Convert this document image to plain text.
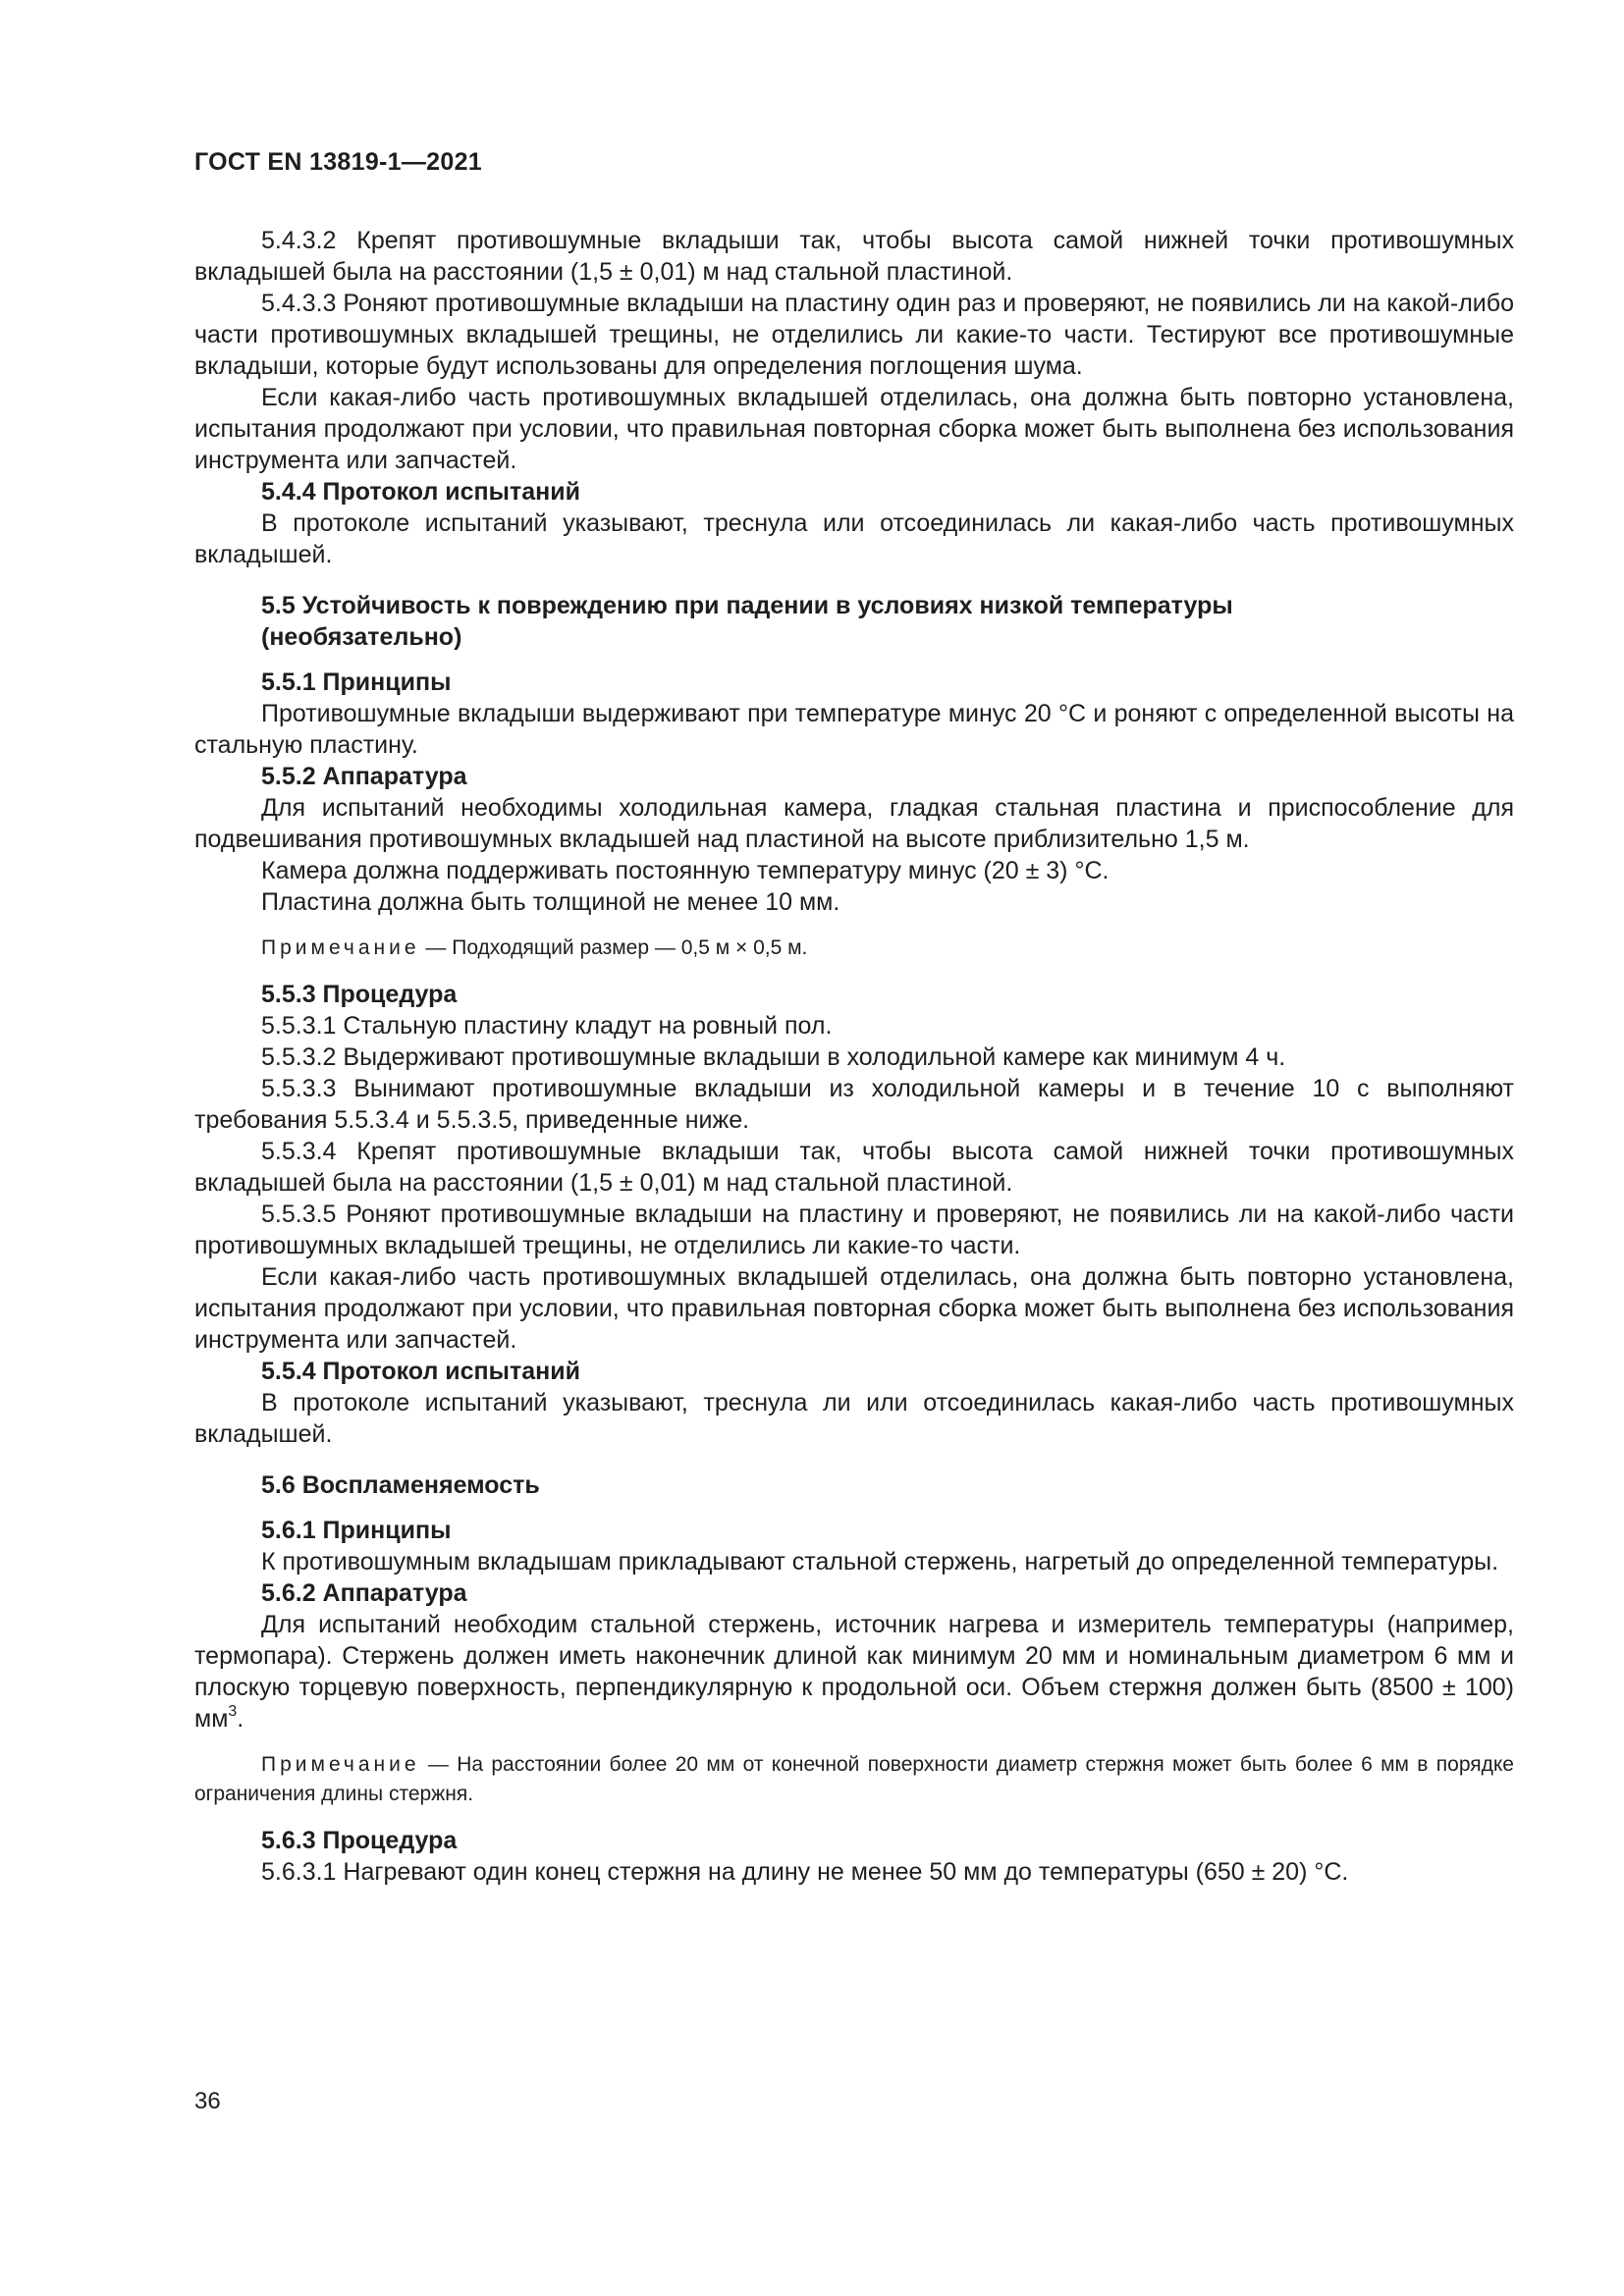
ГОСТ EN 13819-1—2021

5.4.3.2 Крепят противошумные вкладыши так, чтобы высота самой нижней точки противошумных вкладышей была на расстоянии (1,5 ± 0,01) м над стальной пластиной.

5.4.3.3 Роняют противошумные вкладыши на пластину один раз и проверяют, не появились ли на какой-либо части противошумных вкладышей трещины, не отделились ли какие-то части. Тестируют все противошумные вкладыши, которые будут использованы для определения поглощения шума.

Если какая-либо часть противошумных вкладышей отделилась, она должна быть повторно установлена, испытания продолжают при условии, что правильная повторная сборка может быть выполнена без использования инструмента или запчастей.

5.4.4 Протокол испытаний

В протоколе испытаний указывают, треснула или отсоединилась ли какая-либо часть противошумных вкладышей.

5.5 Устойчивость к повреждению при падении в условиях низкой температуры
(необязательно)

5.5.1 Принципы

Противошумные вкладыши выдерживают при температуре минус 20 °С и роняют с определенной высоты на стальную пластину.

5.5.2 Аппаратура

Для испытаний необходимы холодильная камера, гладкая стальная пластина и приспособление для подвешивания противошумных вкладышей над пластиной на высоте приблизительно 1,5 м.

Камера должна поддерживать постоянную температуру минус (20 ± 3) °С.

Пластина должна быть толщиной не менее 10 мм.

Примечание — Подходящий размер — 0,5 м × 0,5 м.

5.5.3 Процедура

5.5.3.1 Стальную пластину кладут на ровный пол.

5.5.3.2 Выдерживают противошумные вкладыши в холодильной камере как минимум 4 ч.

5.5.3.3 Вынимают противошумные вкладыши из холодильной камеры и в течение 10 с выполняют требования 5.5.3.4 и 5.5.3.5, приведенные ниже.

5.5.3.4 Крепят противошумные вкладыши так, чтобы высота самой нижней точки противошумных вкладышей была на расстоянии (1,5 ± 0,01) м над стальной пластиной.

5.5.3.5 Роняют противошумные вкладыши на пластину и проверяют, не появились ли на какой-либо части противошумных вкладышей трещины, не отделились ли какие-то части.

Если какая-либо часть противошумных вкладышей отделилась, она должна быть повторно установлена, испытания продолжают при условии, что правильная повторная сборка может быть выполнена без использования инструмента или запчастей.

5.5.4 Протокол испытаний

В протоколе испытаний указывают, треснула ли или отсоединилась какая-либо часть противошумных вкладышей.

5.6 Воспламеняемость

5.6.1 Принципы

К противошумным вкладышам прикладывают стальной стержень, нагретый до определенной температуры.

5.6.2 Аппаратура

Для испытаний необходим стальной стержень, источник нагрева и измеритель температуры (например, термопара). Стержень должен иметь наконечник длиной как минимум 20 мм и номинальным диаметром 6 мм и плоскую торцевую поверхность, перпендикулярную к продольной оси. Объем стержня должен быть (8500 ± 100) $мм^3$.

Примечание — На расстоянии более 20 мм от конечной поверхности диаметр стержня может быть более 6 мм в порядке ограничения длины стержня.

5.6.3 Процедура

5.6.3.1 Нагревают один конец стержня на длину не менее 50 мм до температуры (650 ± 20) °С.

36
